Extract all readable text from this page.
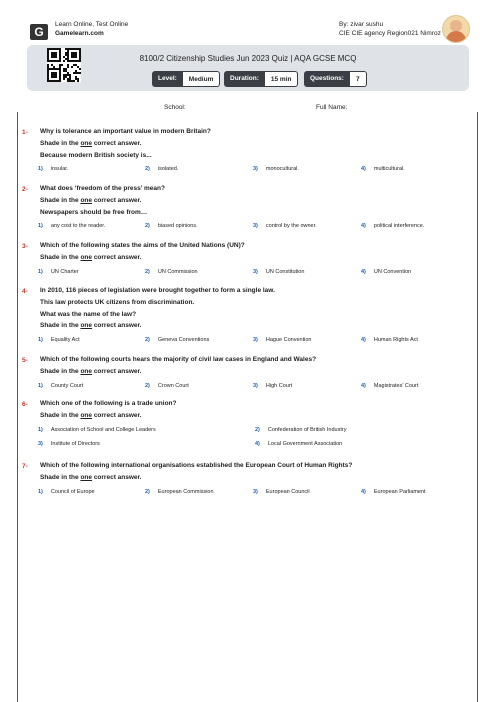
G
Learn Online, Test Online
Gamelearn.com
By: zivar sushu
CIE CIE agency Region021 Nimroz
8100/2 Citizenship Studies Jun 2023 Quiz | AQA GCSE MCQ
Level:	Medium	Duration:	15 min	Questions:	7
School:	Full Name:
1- Why is tolerance an important value in modern Britain?
Shade in the one correct answer.
Because modern British society is...
1) insular.	2) isolated.	3) monocultural.	4) multicultural.
2- What does ‘freedom of the press’ mean?
Shade in the one correct answer.
Newspapers should be free from…
1) any cost to the reader.	2) biased opinions.	3) control by the owner.	4) political interference.
3- Which of the following states the aims of the United Nations (UN)?
Shade in the one correct answer.
1) UN Charter	2) UN Commission	3) UN Constitution	4) UN Convention
4- In 2010, 116 pieces of legislation were brought together to form a single law.
This law protects UK citizens from discrimination.
What was the name of the law?
Shade in the one correct answer.
1) Equality Act	2) Geneva Conventions	3) Hague Convention	4) Human Rights Act
5- Which of the following courts hears the majority of civil law cases in England and Wales?
Shade in the one correct answer.
1) County Court	2) Crown Court	3) High Court	4) Magistrates' Court
6- Which one of the following is a trade union?
Shade in the one correct answer.
1) Association of School and College Leaders	2) Confederation of British Industry
3) Institute of Directors	4) Local Government Association
7- Which of the following international organisations established the European Court of Human Rights?
Shade in the one correct answer.
1) Council of Europe	2) European Commission	3) European Council	4) European Parliament
